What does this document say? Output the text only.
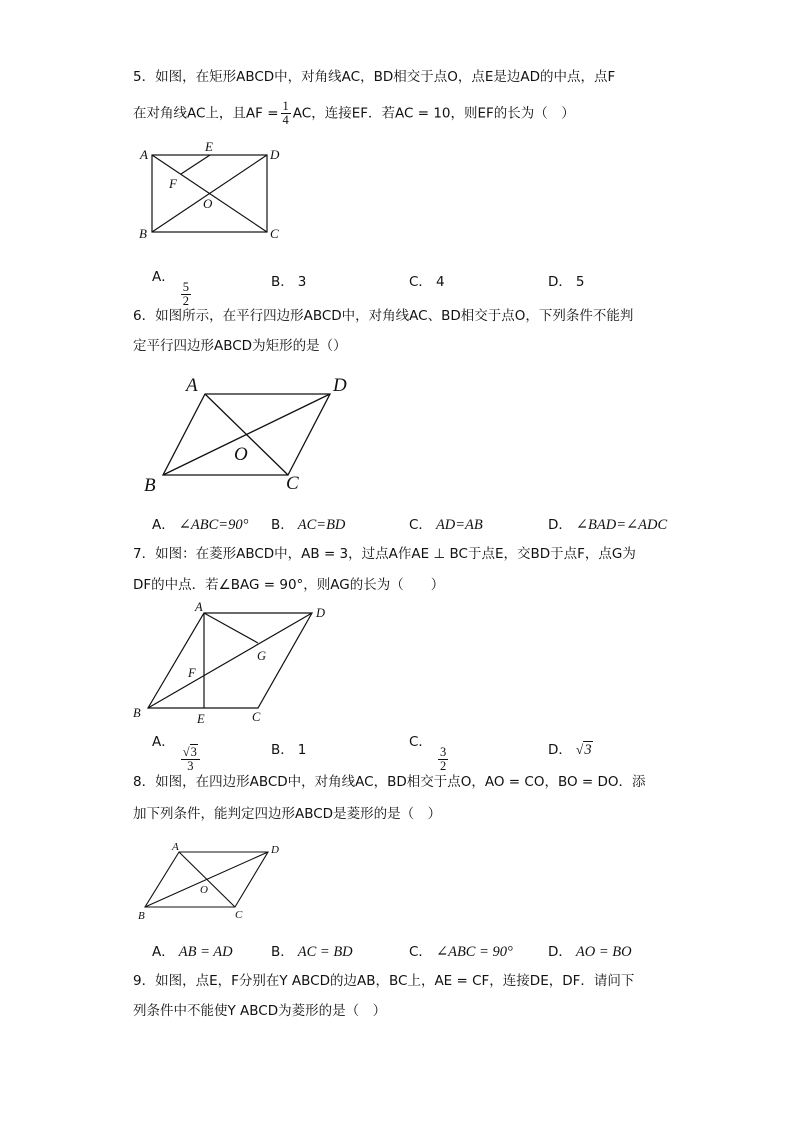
5．如图，在矩形ABCD中，对角线AC，BD相交于点O，点E是边AD的中点，点F
在对角线AC上，且AF = $\frac{1}{4}$ AC，连接EF．若AC = 10，则EF的长为（　）
A
E
D
F
O
B	C
A．
$\frac{5}{2}$	B． 3	C． 4	D． 5
6．如图所示，在平行四边形ABCD中，对角线AC、BD相交于点O，下列条件不能判
定平行四边形ABCD为矩形的是（）
A	D
O
B	C
A． ∠ABC=90° B． AC=BD	C． AD=AB	D． ∠BAD=∠ADC
7．如图：在菱形ABCD中，AB = 3，过点A作AE ⊥ BC于点E，交BD于点F，点G为
DF的中点．若∠BAG = 90°，则AG的长为（　　）
A	D
G
F
B	E	C
A．
$\frac{√3}{3}$	B． 1	C．
$\frac{3}{2}$	D． √3
8．如图，在四边形ABCD中，对角线AC，BD相交于点O，AO = CO，BO = DO．添
加下列条件，能判定四边形ABCD是菱形的是（　）
A	D
O
B	C
A． AB = AD	B． AC = BD	C． ∠ABC = 90°	D． AO = BO
9．如图，点E，F分别在Y ABCD的边AB，BC上，AE = CF，连接DE，DF．请问下
列条件中不能使Y ABCD为菱形的是（　）
